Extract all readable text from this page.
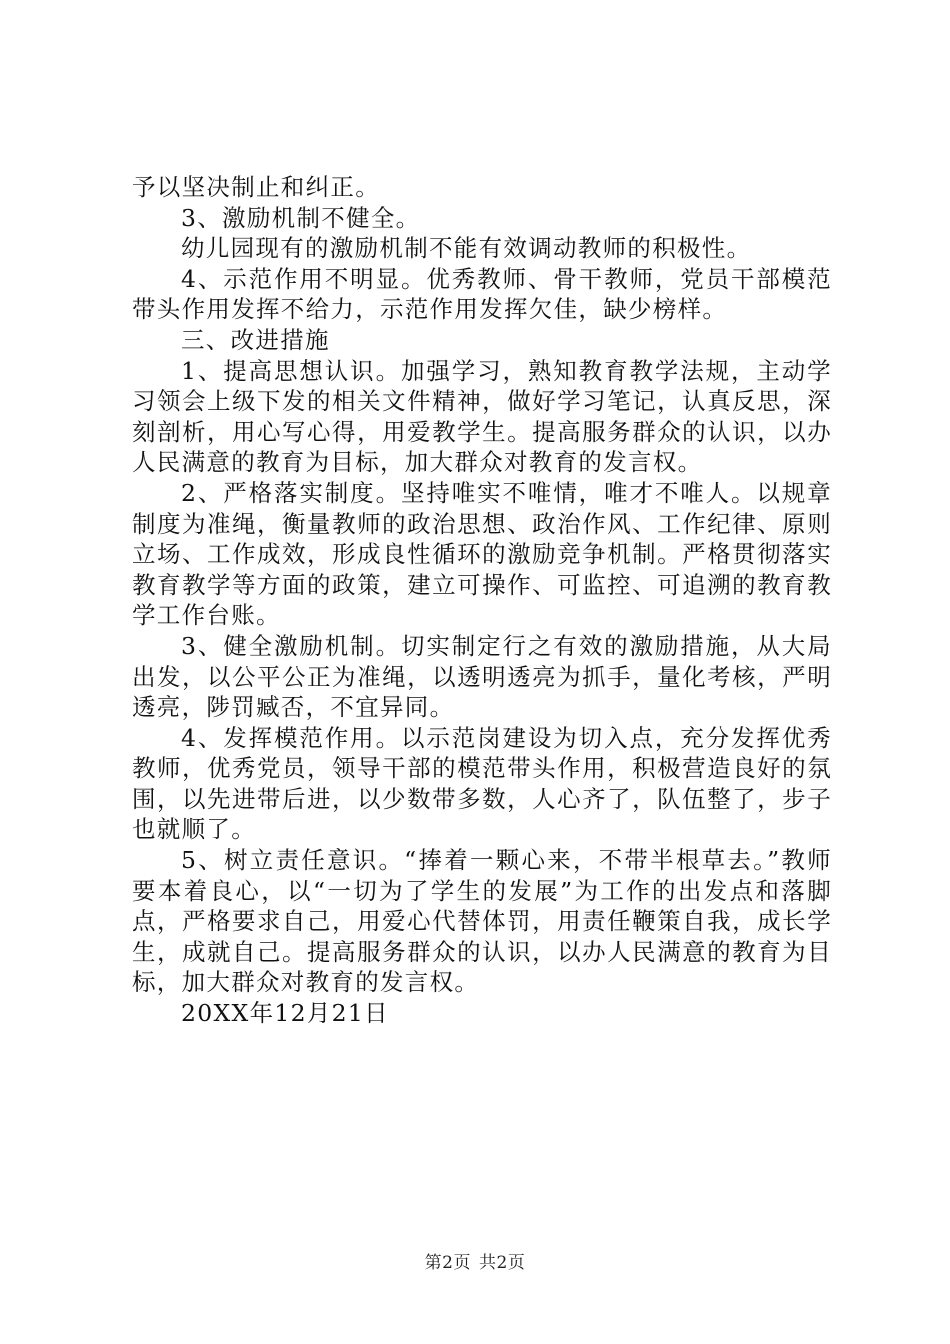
予以坚决制止和纠正。

3、激励机制不健全。

幼儿园现有的激励机制不能有效调动教师的积极性。

4、示范作用不明显。优秀教师、骨干教师，党员干部模范带头作用发挥不给力，示范作用发挥欠佳，缺少榜样。

三、改进措施

1、提高思想认识。加强学习，熟知教育教学法规，主动学习领会上级下发的相关文件精神，做好学习笔记，认真反思，深刻剖析，用心写心得，用爱教学生。提高服务群众的认识，以办人民满意的教育为目标，加大群众对教育的发言权。

2、严格落实制度。坚持唯实不唯情，唯才不唯人。以规章制度为准绳，衡量教师的政治思想、政治作风、工作纪律、原则立场、工作成效，形成良性循环的激励竞争机制。严格贯彻落实教育教学等方面的政策，建立可操作、可监控、可追溯的教育教学工作台账。

3、健全激励机制。切实制定行之有效的激励措施，从大局出发，以公平公正为准绳，以透明透亮为抓手，量化考核，严明透亮，陟罚臧否，不宜异同。

4、发挥模范作用。以示范岗建设为切入点，充分发挥优秀教师，优秀党员，领导干部的模范带头作用，积极营造良好的氛围，以先进带后进，以少数带多数，人心齐了，队伍整了，步子也就顺了。

5、树立责任意识。“捧着一颗心来，不带半根草去。”教师要本着良心，以“一切为了学生的发展”为工作的出发点和落脚点，严格要求自己，用爱心代替体罚，用责任鞭策自我，成长学生，成就自己。提高服务群众的认识，以办人民满意的教育为目标，加大群众对教育的发言权。

20XX年12月21日

第2页 共2页
